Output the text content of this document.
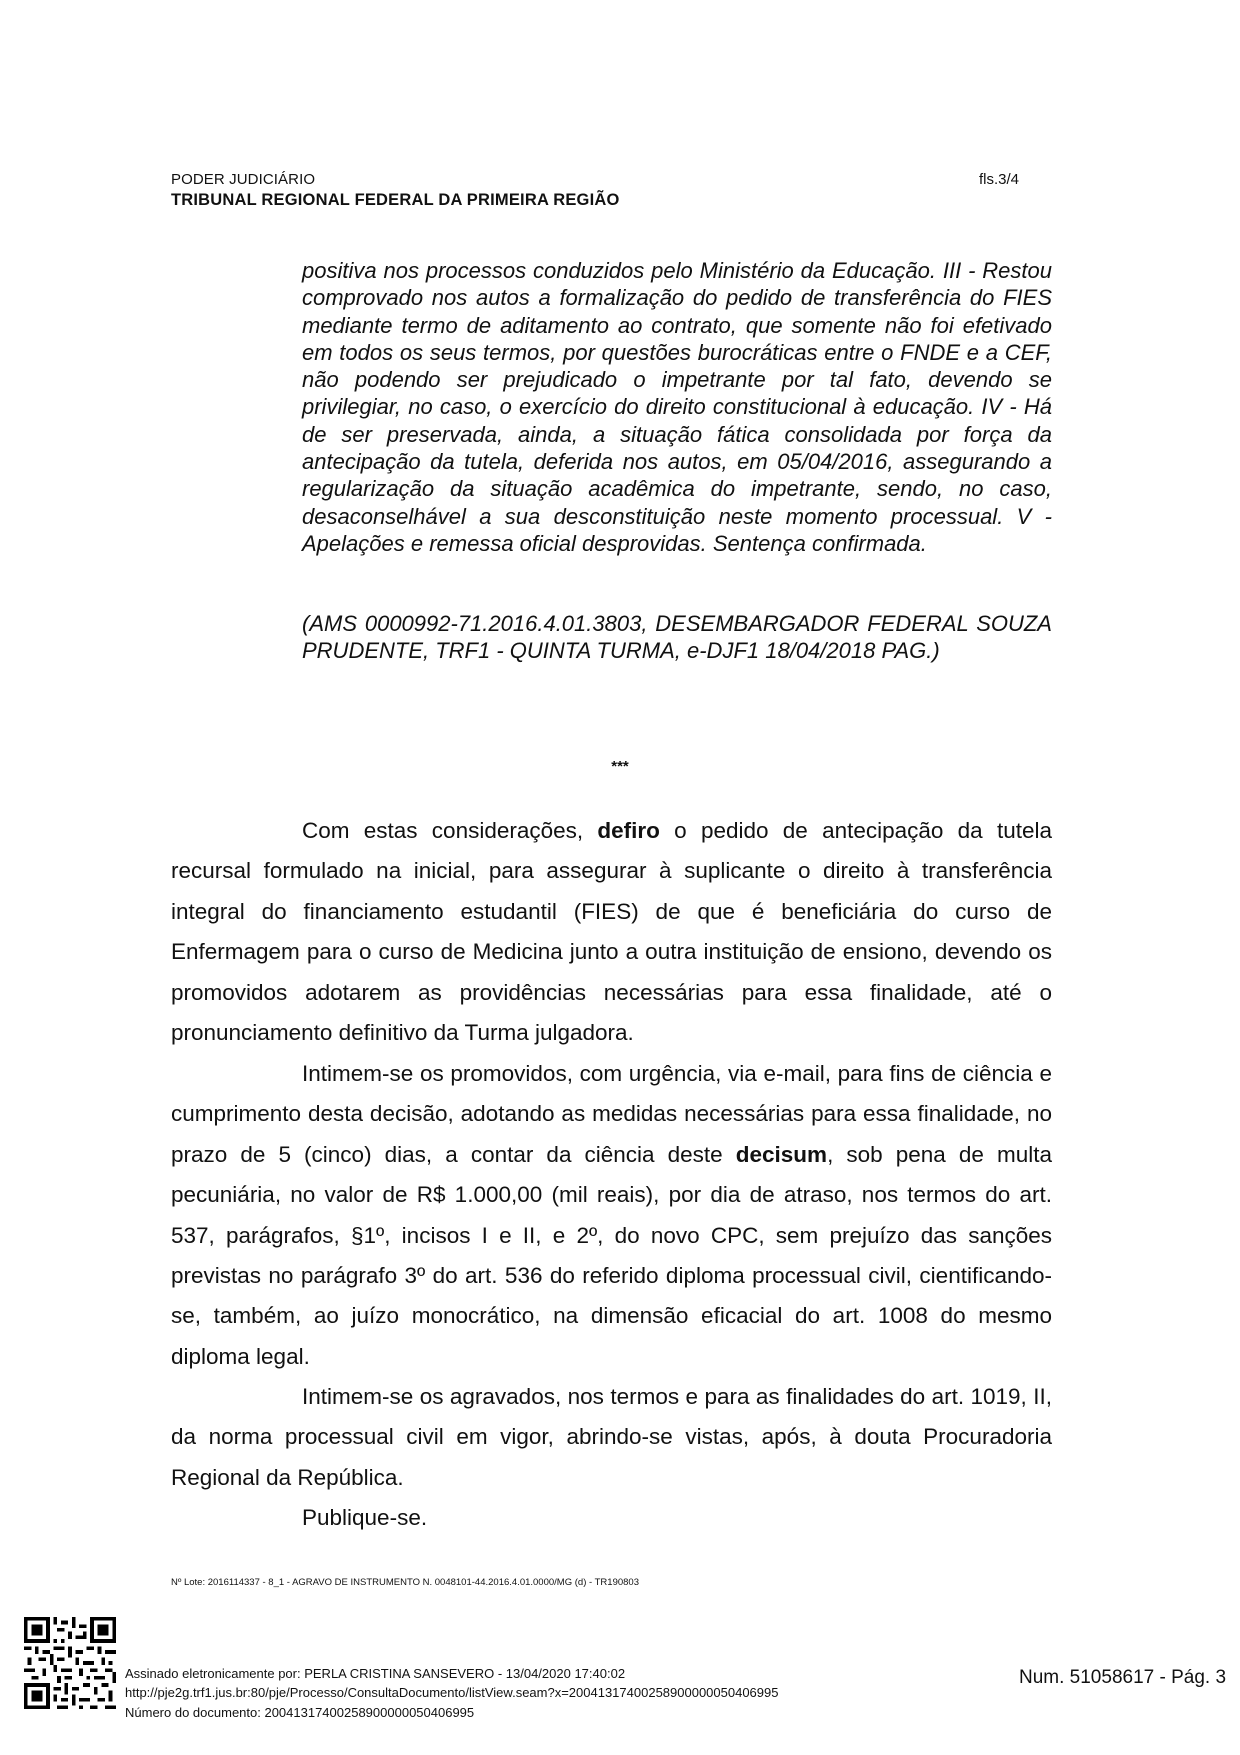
PODER JUDICIÁRIO
TRIBUNAL REGIONAL FEDERAL DA PRIMEIRA REGIÃO
fls.3/4
positiva nos processos conduzidos pelo Ministério da Educação. III - Restou comprovado nos autos a formalização do pedido de transferência do FIES mediante termo de aditamento ao contrato, que somente não foi efetivado em todos os seus termos, por questões burocráticas entre o FNDE e a CEF, não podendo ser prejudicado o impetrante por tal fato, devendo se privilegiar, no caso, o exercício do direito constitucional à educação. IV - Há de ser preservada, ainda, a situação fática consolidada por força da antecipação da tutela, deferida nos autos, em 05/04/2016, assegurando a regularização da situação acadêmica do impetrante, sendo, no caso, desaconselhável a sua desconstituição neste momento processual. V -Apelações e remessa oficial desprovidas. Sentença confirmada.
(AMS 0000992-71.2016.4.01.3803, DESEMBARGADOR FEDERAL SOUZA PRUDENTE, TRF1 - QUINTA TURMA, e-DJF1 18/04/2018 PAG.)
***

Com estas considerações, defiro o pedido de antecipação da tutela recursal formulado na inicial, para assegurar à suplicante o direito à transferência integral do financiamento estudantil (FIES) de que é beneficiária do curso de Enfermagem para o curso de Medicina junto a outra instituição de ensiono, devendo os promovidos adotarem as providências necessárias para essa finalidade, até o pronunciamento definitivo da Turma julgadora.

Intimem-se os promovidos, com urgência, via e-mail, para fins de ciência e cumprimento desta decisão, adotando as medidas necessárias para essa finalidade, no prazo de 5 (cinco) dias, a contar da ciência deste decisum, sob pena de multa pecuniária, no valor de R$ 1.000,00 (mil reais), por dia de atraso, nos termos do art. 537, parágrafos, §1º, incisos I e II, e 2º, do novo CPC, sem prejuízo das sanções previstas no parágrafo 3º do art. 536 do referido diploma processual civil, cientificando-se, também, ao juízo monocrático, na dimensão eficacial do art. 1008 do mesmo diploma legal.

Intimem-se os agravados, nos termos e para as finalidades do art. 1019, II, da norma processual civil em vigor, abrindo-se vistas, após, à douta Procuradoria Regional da República.

Publique-se.

Nº Lote: 2016114337 - 8_1 - AGRAVO DE INSTRUMENTO N. 0048101-44.2016.4.01.0000/MG (d) - TR190803
Assinado eletronicamente por: PERLA CRISTINA SANSEVERO - 13/04/2020 17:40:02
http://pje2g.trf1.jus.br:80/pje/Processo/ConsultaDocumento/listView.seam?x=20041317400258900000050406995
Número do documento: 20041317400258900000050406995
Num. 51058617 - Pág. 3
